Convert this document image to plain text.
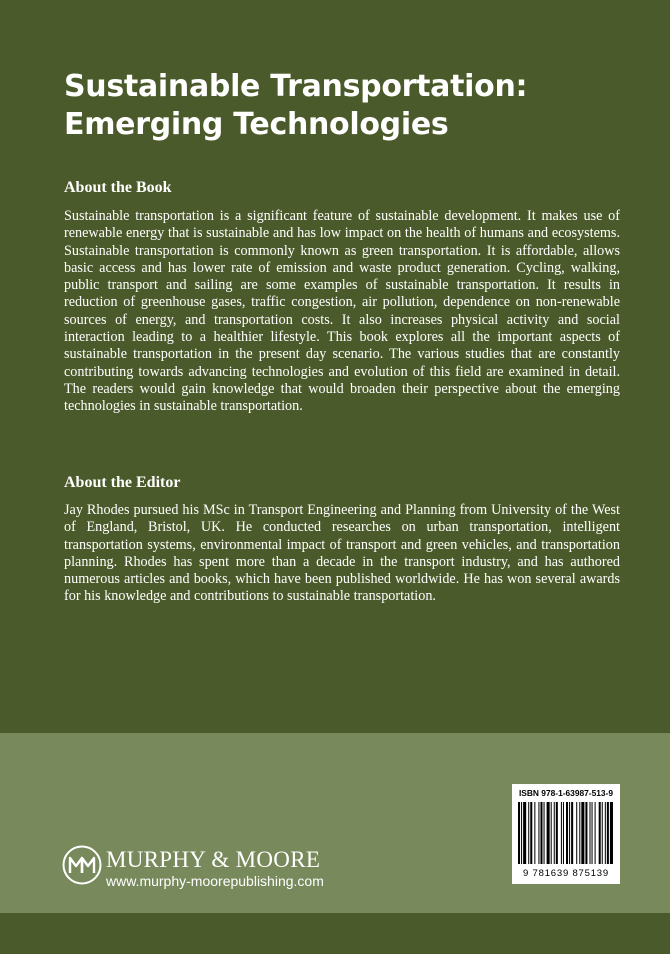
Sustainable Transportation:
Emerging Technologies
About the Book

Sustainable transportation is a significant feature of sustainable development. It makes use of renewable energy that is sustainable and has low impact on the health of humans and ecosystems. Sustainable transportation is commonly known as green transportation. It is affordable, allows basic access and has lower rate of emission and waste product generation. Cycling, walking, public transport and sailing are some examples of sustainable transportation. It results in reduction of greenhouse gases, traffic congestion, air pollution, dependence on non-renewable sources of energy, and transportation costs. It also increases physical activity and social interaction leading to a healthier lifestyle. This book explores all the important aspects of sustainable transportation in the present day scenario. The various studies that are constantly contributing towards advancing technologies and evolution of this field are examined in detail. The readers would gain knowledge that would broaden their perspective about the emerging technologies in sustainable transportation.

About the Editor

Jay Rhodes pursued his MSc in Transport Engineering and Planning from University of the West of England, Bristol, UK. He conducted researches on urban transportation, intelligent transportation systems, environmental impact of transport and green vehicles, and transportation planning. Rhodes has spent more than a decade in the transport industry, and has authored numerous articles and books, which have been published worldwide. He has won several awards for his knowledge and contributions to sustainable transportation.

MURPHY & MOORE
www.murphy-moorepublishing.com
ISBN 978-1-63987-513-9
9 781639 875139
